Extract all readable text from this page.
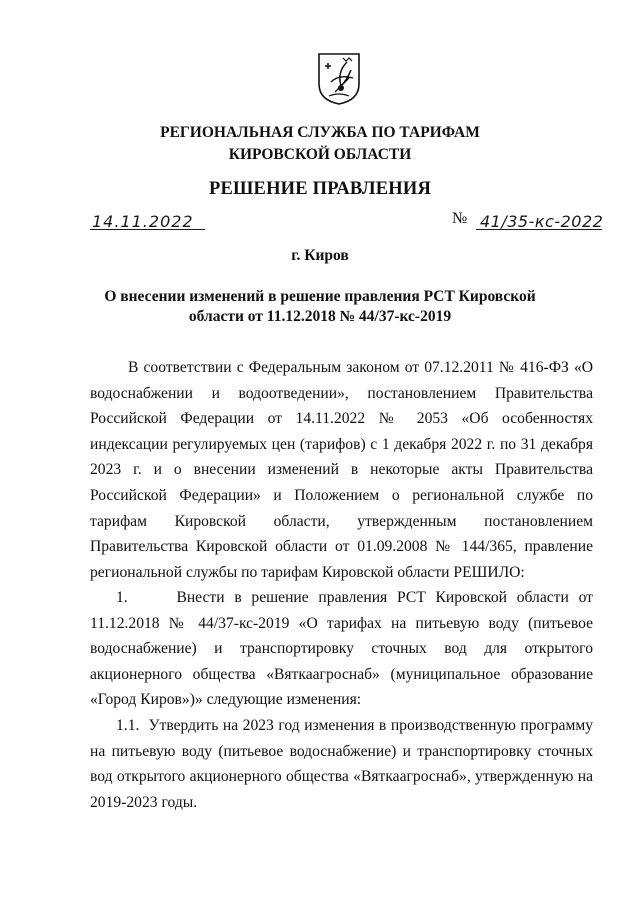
РЕГИОНАЛЬНАЯ СЛУЖБА ПО ТАРИФАМ
КИРОВСКОЙ ОБЛАСТИ
РЕШЕНИЕ ПРАВЛЕНИЯ
14.11.2022	№ 41/35-кс-2022
г. Киров
О внесении изменений в решение правления РСТ Кировской
области от 11.12.2018 № 44/37-кс-2019
В соответствии с Федеральным законом от 07.12.2011 № 416-ФЗ «О водоснабжении и водоотведении», постановлением Правительства Российской Федерации от 14.11.2022 № 2053 «Об особенностях индексации регулируемых цен (тарифов) с 1 декабря 2022 г. по 31 декабря 2023 г. и о внесении изменений в некоторые акты Правительства Российской Федерации» и Положением о региональной службе по тарифам Кировской области, утвержденным постановлением Правительства Кировской области от 01.09.2008 № 144/365, правление региональной службы по тарифам Кировской области РЕШИЛО:
1.	Внести в решение правления РСТ Кировской области от 11.12.2018 № 44/37-кс-2019 «О тарифах на питьевую воду (питьевое водоснабжение) и транспортировку сточных вод для открытого акционерного общества «Вяткаагроснаб» (муниципальное образование «Город Киров»)» следующие изменения:
1.1. Утвердить на 2023 год изменения в производственную программу на питьевую воду (питьевое водоснабжение) и транспортировку сточных вод открытого акционерного общества «Вяткаагроснаб», утвержденную на 2019-2023 годы.
